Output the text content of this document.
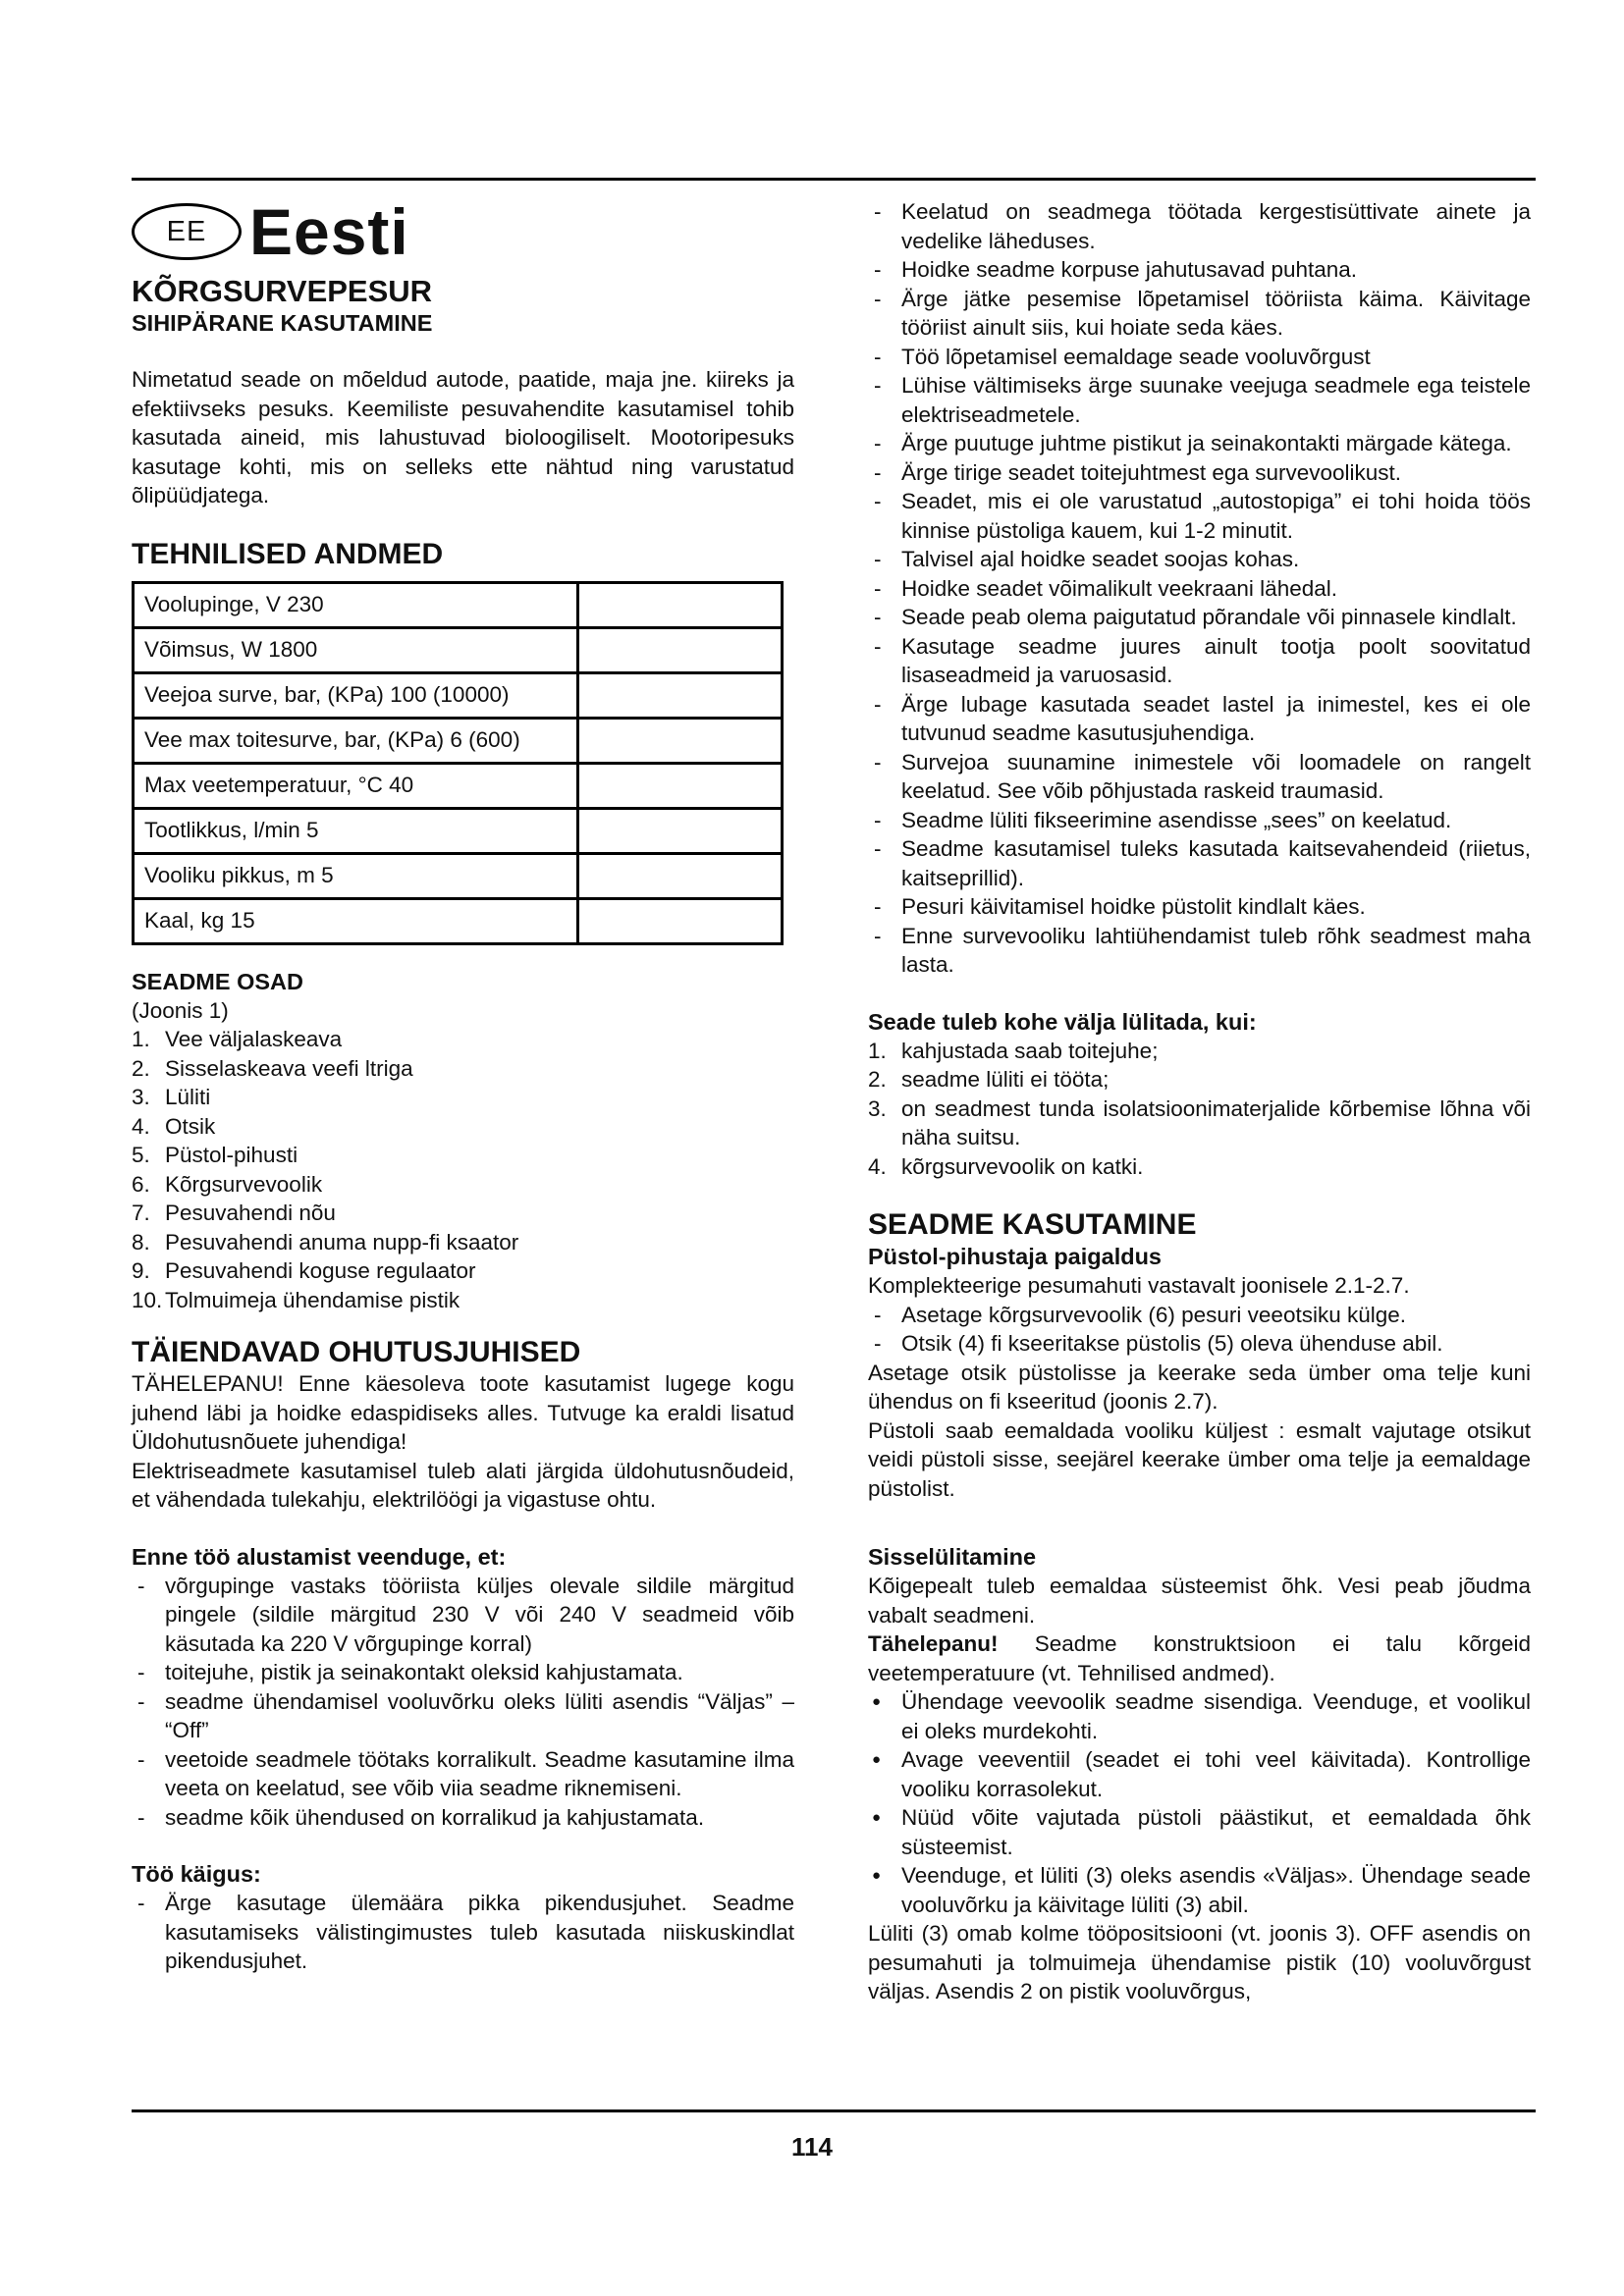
EE Eesti

KÕRGSURVEPESUR

SIHIPÄRANE KASUTAMINE

Nimetatud seade on mõeldud autode, paatide, maja jne. kiireks ja efektiivseks pesuks. Keemiliste pesuvahendite kasutamisel tohib kasutada aineid, mis lahustuvad bioloogiliselt. Mootoripesuks kasutage kohti, mis on selleks ette nähtud ning varustatud õlipüüdjatega.

TEHNILISED ANDMED

Voolupinge, V 230	
Võimsus, W 1800	
Veejoa surve, bar, (KPa) 100 (10000)	
Vee max toitesurve, bar, (KPa) 6 (600)	
Max veetemperatuur, °C 40	
Tootlikkus, l/min 5	
Vooliku pikkus, m 5	
Kaal, kg 15	

SEADME OSAD

(Joonis 1)

1. Vee väljalaskeava
2. Sisselaskeava veefi ltriga
3. Lüliti
4. Otsik
5. Püstol-pihusti
6. Kõrgsurvevoolik
7. Pesuvahendi nõu
8. Pesuvahendi anuma nupp-fi ksaator
9. Pesuvahendi koguse regulaator
10. Tolmuimeja ühendamise pistik

TÄIENDAVAD OHUTUSJUHISED

TÄHELEPANU! Enne käesoleva toote kasutamist lugege kogu juhend läbi ja hoidke edaspidiseks alles. Tutvuge ka eraldi lisatud Üldohutusnõuete juhendiga!

Elektriseadmete kasutamisel tuleb alati järgida üldohutusnõudeid, et vähendada tulekahju, elektrilöögi ja vigastuse ohtu.

Enne töö alustamist veenduge, et:

- võrgupinge vastaks tööriista küljes olevale sildile märgitud pingele (sildile märgitud 230 V või 240 V seadmeid võib käsutada ka 220 V võrgupinge korral)
- toitejuhe, pistik ja seinakontakt oleksid kahjustamata.
- seadme ühendamisel vooluvõrku oleks lüliti asendis “Väljas” – “Off”
- veetoide seadmele töötaks korralikult. Seadme kasutamine ilma veeta on keelatud, see võib viia seadme riknemiseni.
- seadme kõik ühendused on korralikud ja kahjustamata.

Töö käigus:

- Ärge kasutage ülemäära pikka pikendusjuhet. Seadme kasutamiseks välistingimustes tuleb kasutada niiskuskindlat pikendusjuhet.
- Keelatud on seadmega töötada kergestisüttivate ainete ja vedelike läheduses.
- Hoidke seadme korpuse jahutusavad puhtana.
- Ärge jätke pesemise lõpetamisel tööriista käima. Käivitage tööriist ainult siis, kui hoiate seda käes.
- Töö lõpetamisel eemaldage seade vooluvõrgust
- Lühise vältimiseks ärge suunake veejuga seadmele ega teistele elektriseadmetele.
- Ärge puutuge juhtme pistikut ja seinakontakti märgade kätega.
- Ärge tirige seadet toitejuhtmest ega survevoolikust.
- Seadet, mis ei ole varustatud „autostopiga” ei tohi hoida töös kinnise püstoliga kauem, kui 1-2 minutit.
- Talvisel ajal hoidke seadet soojas kohas.
- Hoidke seadet võimalikult veekraani lähedal.
- Seade peab olema paigutatud põrandale või pinnasele kindlalt.
- Kasutage seadme juures ainult tootja poolt soovitatud lisaseadmeid ja varuosasid.
- Ärge lubage kasutada seadet lastel ja inimestel, kes ei ole tutvunud seadme kasutusjuhendiga.
- Survejoa suunamine inimestele või loomadele on rangelt keelatud. See võib põhjustada raskeid traumasid.
- Seadme lüliti fikseerimine asendisse „sees” on keelatud.
- Seadme kasutamisel tuleks kasutada kaitsevahendeid (riietus, kaitseprillid).
- Pesuri käivitamisel hoidke püstolit kindlalt käes.
- Enne survevooliku lahtiühendamist tuleb rõhk seadmest maha lasta.

Seade tuleb kohe välja lülitada, kui:

1. kahjustada saab toitejuhe;
2. seadme lüliti ei tööta;
3. on seadmest tunda isolatsioonimaterjalide kõrbemise lõhna või näha suitsu.
4. kõrgsurvevoolik on katki.

SEADME KASUTAMINE

Püstol-pihustaja paigaldus

Komplekteerige pesumahuti vastavalt joonisele 2.1-2.7.

- Asetage kõrgsurvevoolik (6) pesuri veeotsiku külge.
- Otsik (4) fi kseeritakse püstolis (5) oleva ühenduse abil.

Asetage otsik püstolisse ja keerake seda ümber oma telje kuni ühendus on fi kseeritud (joonis 2.7).

Püstoli saab eemaldada vooliku küljest : esmalt vajutage otsikut veidi püstoli sisse, seejärel keerake ümber oma telje ja eemaldage püstolist.

Sisselülitamine

Kõigepealt tuleb eemaldaa süsteemist õhk. Vesi peab jõudma vabalt seadmeni.

Tähelepanu! Seadme konstruktsioon ei talu kõrgeid veetemperatuure (vt. Tehnilised andmed).

● Ühendage veevoolik seadme sisendiga. Veenduge, et voolikul ei oleks murdekohti.
● Avage veeventiil (seadet ei tohi veel käivitada). Kontrollige vooliku korrasolekut.
● Nüüd võite vajutada püstoli päästikut, et eemaldada õhk süsteemist.
● Veenduge, et lüliti (3) oleks asendis «Väljas». Ühendage seade vooluvõrku ja käivitage lüliti (3) abil.

Lüliti (3) omab kolme tööpositsiooni (vt. joonis 3). OFF asendis on pesumahuti ja tolmuimeja ühendamise pistik (10) vooluvõrgust väljas. Asendis 2 on pistik vooluvõrgus,

114
